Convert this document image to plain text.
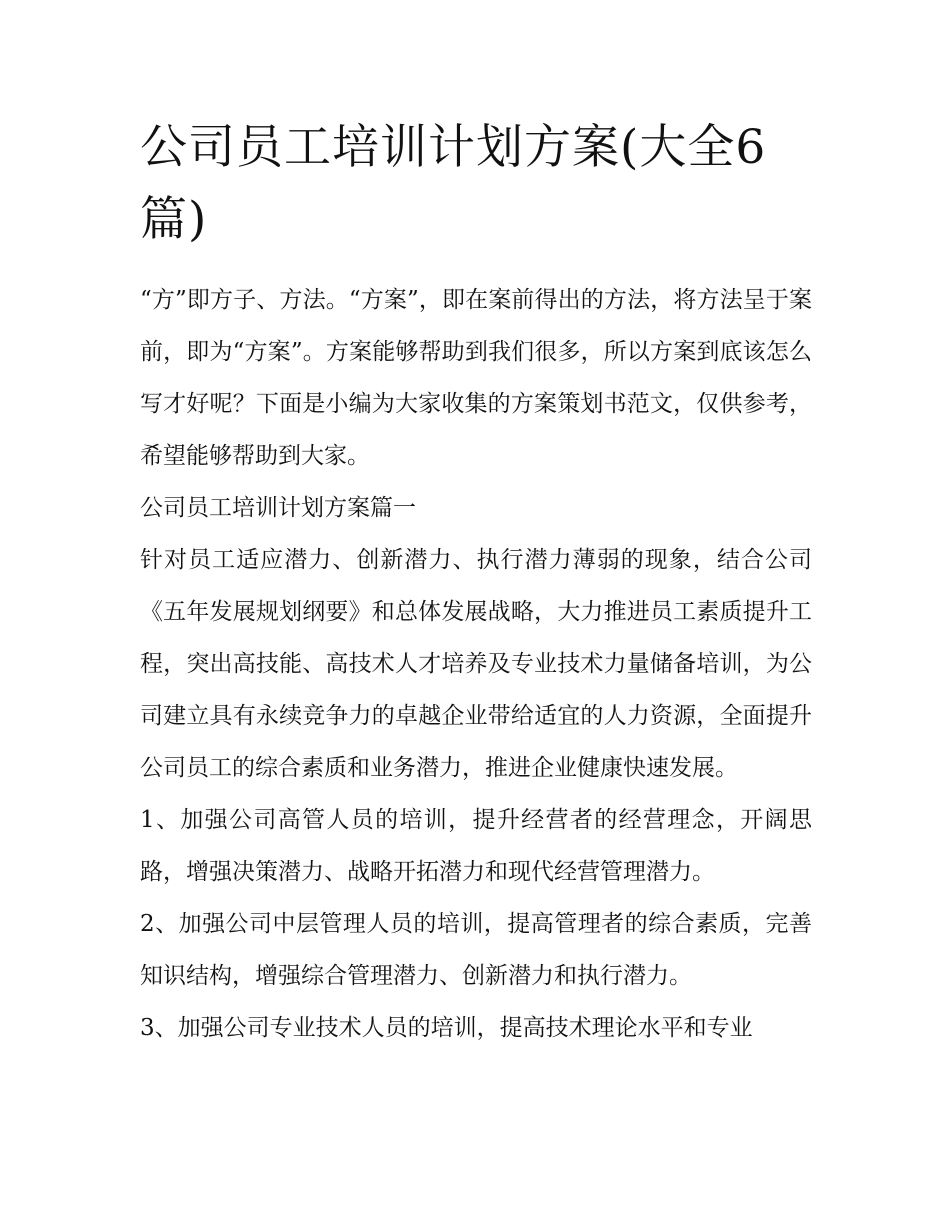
公司员工培训计划方案(大全6篇)

“方”即方子、方法。“方案”，即在案前得出的方法，将方法呈于案前，即为“方案”。方案能够帮助到我们很多，所以方案到底该怎么写才好呢？下面是小编为大家收集的方案策划书范文，仅供参考，希望能够帮助到大家。

公司员工培训计划方案篇一

针对员工适应潜力、创新潜力、执行潜力薄弱的现象，结合公司《五年发展规划纲要》和总体发展战略，大力推进员工素质提升工程，突出高技能、高技术人才培养及专业技术力量储备培训，为公司建立具有永续竞争力的卓越企业带给适宜的人力资源，全面提升公司员工的综合素质和业务潜力，推进企业健康快速发展。

1、加强公司高管人员的培训，提升经营者的经营理念，开阔思路，增强决策潜力、战略开拓潜力和现代经营管理潜力。

2、加强公司中层管理人员的培训，提高管理者的综合素质，完善知识结构，增强综合管理潜力、创新潜力和执行潜力。

3、加强公司专业技术人员的培训，提高技术理论水平和专业
